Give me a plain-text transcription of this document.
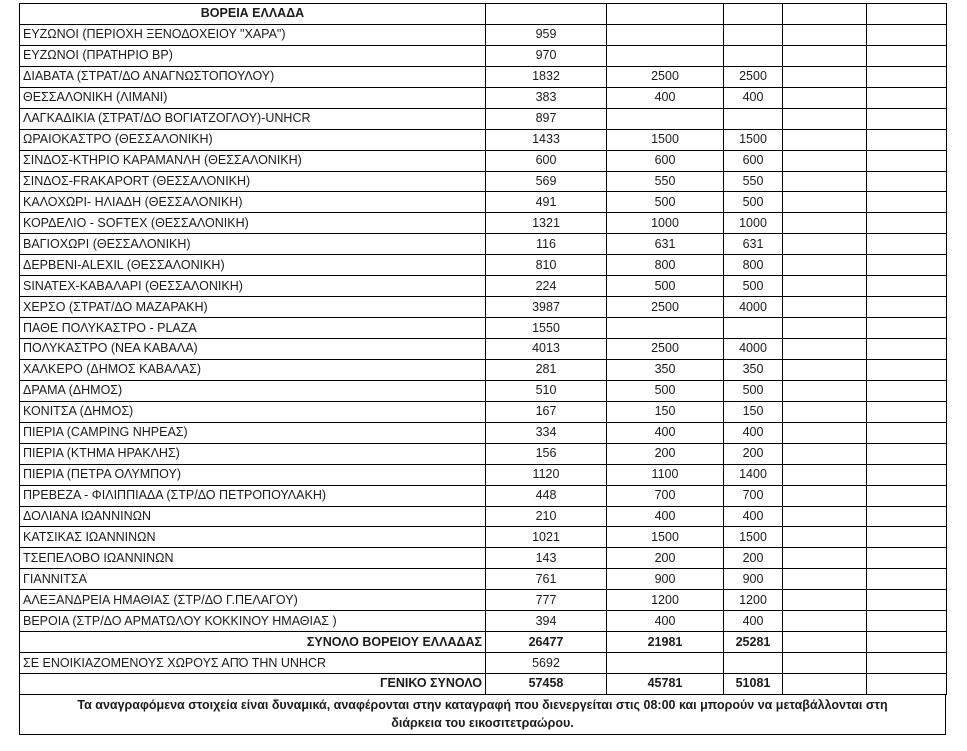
ΒΟΡΕΙΑ ΕΛΛΑΔΑ					
ΕΥΖΩΝΟΙ (ΠΕΡΙΟΧΗ ΞΕΝΟΔΟΧΕΙΟΥ "ΧΑΡΑ")	959				
ΕΥΖΩΝΟΙ (ΠΡΑΤΗΡΙΟ BP)	970				
ΔΙΑΒΑΤΑ (ΣΤΡΑΤ/ΔΟ ΑΝΑΓΝΩΣΤΟΠΟΥΛΟΥ)	1832	2500	2500		
ΘΕΣΣΑΛΟΝΙΚΗ (ΛΙΜΑΝΙ)	383	400	400		
ΛΑΓΚΑΔΙΚΙΑ (ΣΤΡΑΤ/ΔΟ ΒΟΓΙΑΤΖΟΓΛΟΥ)-UNHCR	897				
ΩΡΑΙΟΚΑΣΤΡΟ (ΘΕΣΣΑΛΟΝΙΚΗ)	1433	1500	1500		
ΣΙΝΔΟΣ-ΚΤΗΡΙΟ ΚΑΡΑΜΑΝΛΗ (ΘΕΣΣΑΛΟΝΙΚΗ)	600	600	600		
ΣΙΝΔΟΣ-FRAKAPORT (ΘΕΣΣΑΛΟΝΙΚΗ)	569	550	550		
ΚΑΛΟΧΩΡΙ- ΗΛΙΑΔΗ (ΘΕΣΣΑΛΟΝΙΚΗ)	491	500	500		
ΚΟΡΔΕΛΙΟ - SOFTEX (ΘΕΣΣΑΛΟΝΙΚΗ)	1321	1000	1000		
ΒΑΓΙΟΧΩΡΙ (ΘΕΣΣΑΛΟΝΙΚΗ)	116	631	631		
ΔΕΡΒΕΝΙ-ALEXIL (ΘΕΣΣΑΛΟΝΙΚΗ)	810	800	800		
SINATEX-ΚΑΒΑΛΑΡΙ (ΘΕΣΣΑΛΟΝΙΚΗ)	224	500	500		
ΧΕΡΣΟ (ΣΤΡΑΤ/ΔΟ ΜΑΖΑΡΑΚΗ)	3987	2500	4000		
ΠΑΘΕ ΠΟΛΥΚΑΣΤΡΟ - PLAZA	1550				
ΠΟΛΥΚΑΣΤΡΟ (ΝΕΑ ΚΑΒΑΛΑ)	4013	2500	4000		
ΧΑΛΚΕΡΟ (ΔΗΜΟΣ ΚΑΒΑΛΑΣ)	281	350	350		
ΔΡΑΜΑ (ΔΗΜΟΣ)	510	500	500		
ΚΟΝΙΤΣΑ (ΔΗΜΟΣ)	167	150	150		
ΠΙΕΡΙΑ (CAMPING ΝΗΡΕΑΣ)	334	400	400		
ΠΙΕΡΙΑ (ΚΤΗΜΑ ΗΡΑΚΛΗΣ)	156	200	200		
ΠΙΕΡΙΑ (ΠΕΤΡΑ ΟΛΥΜΠΟΥ)	1120	1100	1400		
ΠΡΕΒΕΖΑ - ΦΙΛΙΠΠΙΑΔΑ (ΣΤΡ/ΔΟ ΠΕΤΡΟΠΟΥΛΑΚΗ)	448	700	700		
ΔΟΛΙΑΝΑ ΙΩΑΝΝΙΝΩΝ	210	400	400		
ΚΑΤΣΙΚΑΣ ΙΩΑΝΝΙΝΩΝ	1021	1500	1500		
ΤΣΕΠΕΛΟΒΟ ΙΩΑΝΝΙΝΩΝ	143	200	200		
ΓΙΑΝΝΙΤΣΑ	761	900	900		
ΑΛΕΞΑΝΔΡΕΙΑ ΗΜΑΘΙΑΣ (ΣΤΡ/ΔΟ Γ.ΠΕΛΑΓΟΥ)	777	1200	1200		
ΒΕΡΟΙΑ (ΣΤΡ/ΔΟ ΑΡΜΑΤΩΛΟΥ ΚΟΚΚΙΝΟΥ ΗΜΑΘΙΑΣ )	394	400	400		
ΣΥΝΟΛΟ ΒΟΡΕΙΟΥ ΕΛΛΑΔΑΣ	26477	21981	25281		
ΣΕ ΕΝΟΙΚΙΑΖΟΜΕΝΟΥΣ ΧΩΡΟΥΣ ΑΠΌ ΤΗΝ UNHCR	5692				
ΓΕΝΙΚΟ ΣΥΝΟΛΟ	57458	45781	51081		
Τα αναγραφόμενα στοιχεία είναι δυναμικά, αναφέρονται στην καταγραφή που διενεργείται στις 08:00 και μπορούν να μεταβάλλονται στη
διάρκεια του εικοσιτετραώρου.
